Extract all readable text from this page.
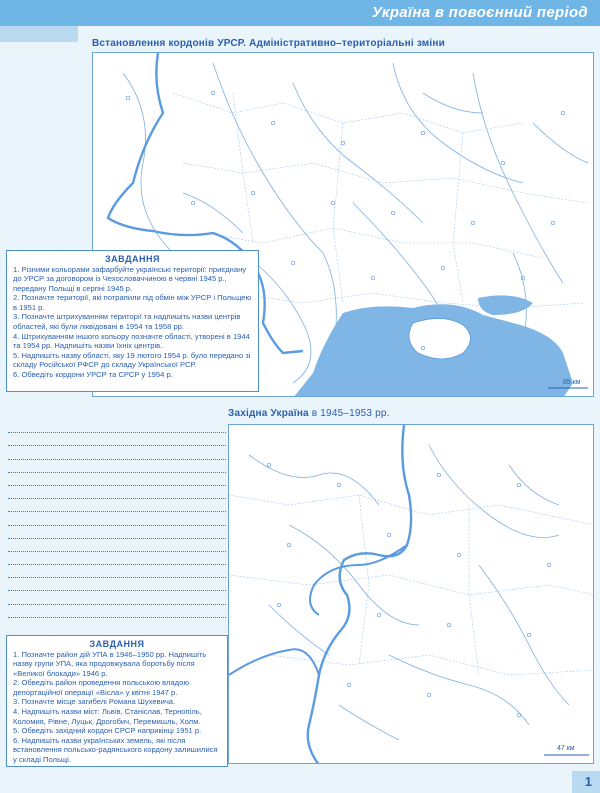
Україна в повоєнний період
Встановлення кордонів УРСР. Адміністративно–територіальні зміни
85 км
ЗАВДАННЯ
1. Різними кольорами зафарбуйте українські території: приєднану до УРСР за договором із Чехословаччиною в червні 1945 р., передану Польщі в серпні 1945 р.
2. Позначте території, які потрапили під обмін між УРСР і Польщею в 1951 р.
3. Позначте штрихуванням території та надпишіть назви центрів областей, які були ліквідовані в 1954 та 1958 рр.
4. Штрихуванням іншого кольору позначте області, утворені в 1944 та 1954 рр. Надпишіть назви їхніх центрів.
5. Надпишіть назву області, яку 19 лютого 1954 р. було передано зі складу Російської РФСР до складу Української РСР.
6. Обведіть кордони УРСР та СРСР у 1954 р.
Західна Україна в 1945–1953 рр.
47 км
ЗАВДАННЯ
1. Позначте район дій УПА в 1946–1950 рр. Надпишіть назву групи УПА, яка продовжувала боротьбу після «Великої блокади» 1946 р.
2. Обведіть район проведення польською владою депортаційної операції «Вісла» у квітні 1947 р.
3. Позначте місце загибелі Романа Шухевича.
4. Надпишіть назви міст: Львів, Станіслав, Тернопіль, Коломия, Рівне, Луцьк, Дрогобич, Перемишль, Холм.
5. Обведіть західний кордон СРСР наприкінці 1951 р.
6. Надпишіть назви українських земель, які після встановлення польсько-радянського кордону залишилися у складі Польщі.
1
